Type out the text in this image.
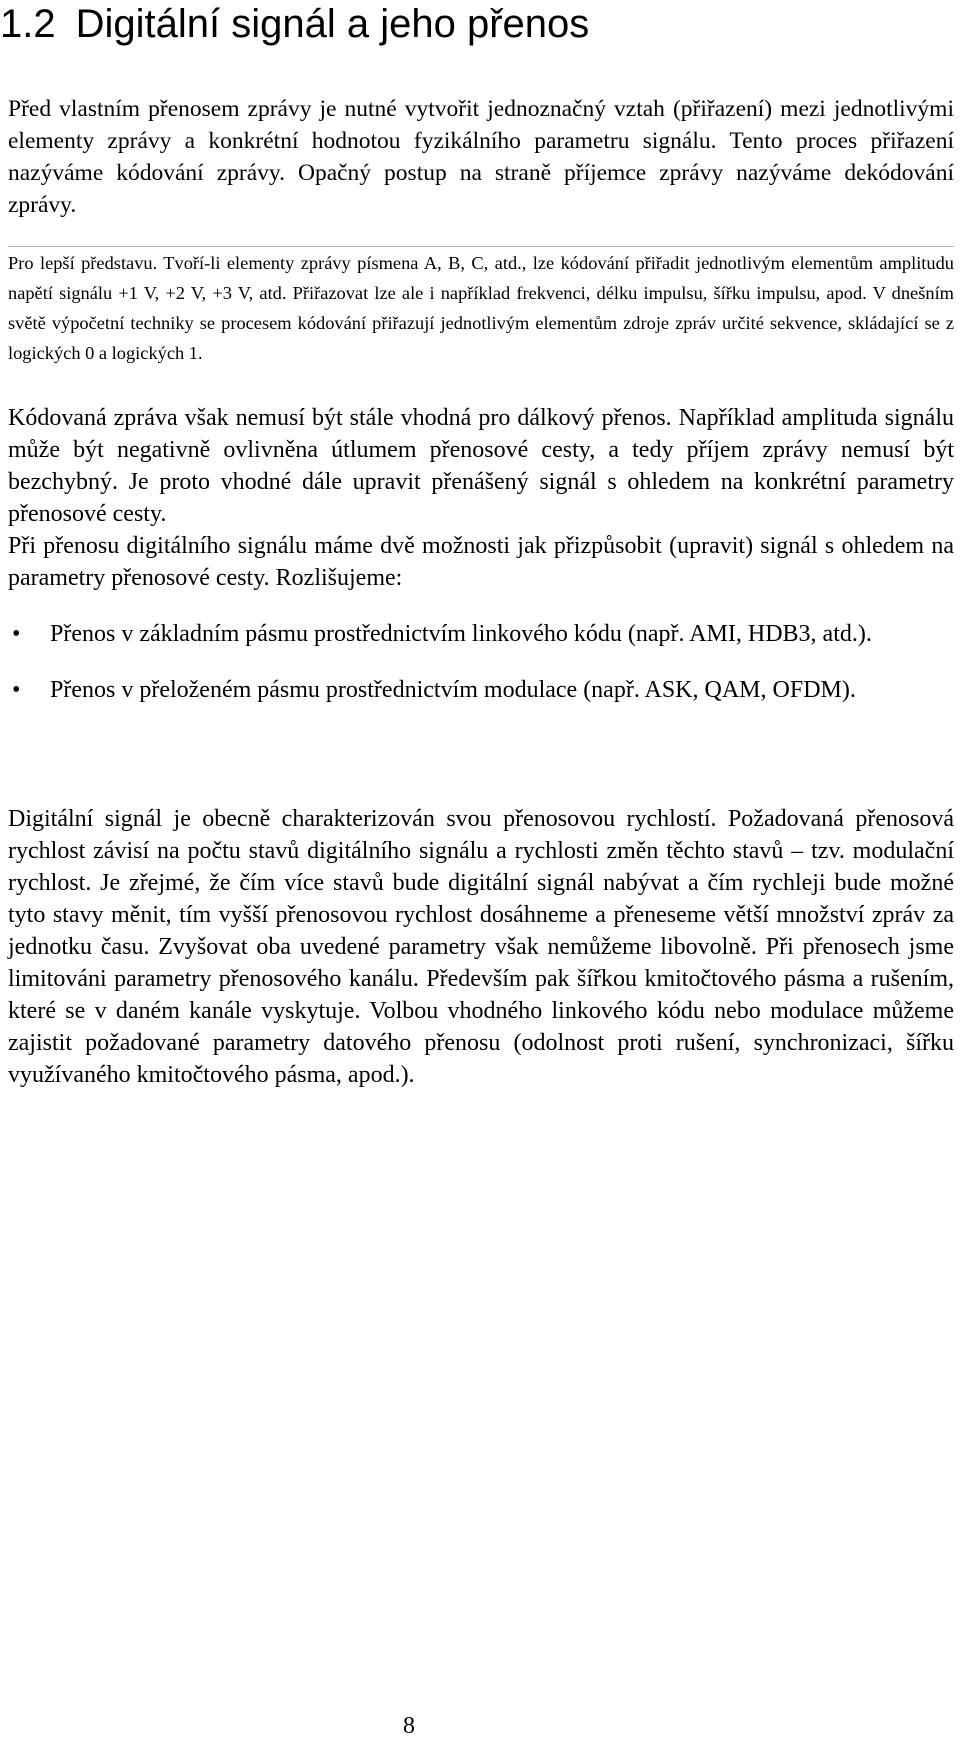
1.2 Digitální signál a jeho přenos

Před vlastním přenosem zprávy je nutné vytvořit jednoznačný vztah (přiřazení) mezi jednotlivými elementy zprávy a konkrétní hodnotou fyzikálního parametru signálu. Tento proces přiřazení nazýváme kódování zprávy. Opačný postup na straně příjemce zprávy nazýváme dekódování zprávy.

Pro lepší představu. Tvoří-li elementy zprávy písmena A, B, C, atd., lze kódování přiřadit jednotlivým elementům amplitudu napětí signálu +1 V, +2 V, +3 V, atd. Přiřazovat lze ale i například frekvenci, délku impulsu, šířku impulsu, apod. V dnešním světě výpočetní techniky se procesem kódování přiřazují jednotlivým elementům zdroje zpráv určité sekvence, skládající se z logických 0 a logických 1.

Kódovaná zpráva však nemusí být stále vhodná pro dálkový přenos. Například amplituda signálu může být negativně ovlivněna útlumem přenosové cesty, a tedy příjem zprávy nemusí být bezchybný. Je proto vhodné dále upravit přenášený signál s ohledem na konkrétní parametry přenosové cesty.

Při přenosu digitálního signálu máme dvě možnosti jak přizpůsobit (upravit) signál s ohledem na parametry přenosové cesty. Rozlišujeme:

• Přenos v základním pásmu prostřednictvím linkového kódu (např. AMI, HDB3, atd.).
• Přenos v přeloženém pásmu prostřednictvím modulace (např. ASK, QAM, OFDM).

Digitální signál je obecně charakterizován svou přenosovou rychlostí. Požadovaná přenosová rychlost závisí na počtu stavů digitálního signálu a rychlosti změn těchto stavů – tzv. modulační rychlost. Je zřejmé, že čím více stavů bude digitální signál nabývat a čím rychleji bude možné tyto stavy měnit, tím vyšší přenosovou rychlost dosáhneme a přeneseme větší množství zpráv za jednotku času. Zvyšovat oba uvedené parametry však nemůžeme libovolně. Při přenosech jsme limitováni parametry přenosového kanálu. Především pak šířkou kmitočtového pásma a rušením, které se v daném kanále vyskytuje. Volbou vhodného linkového kódu nebo modulace můžeme zajistit požadované parametry datového přenosu (odolnost proti rušení, synchronizaci, šířku využívaného kmitočtového pásma, apod.).

8
